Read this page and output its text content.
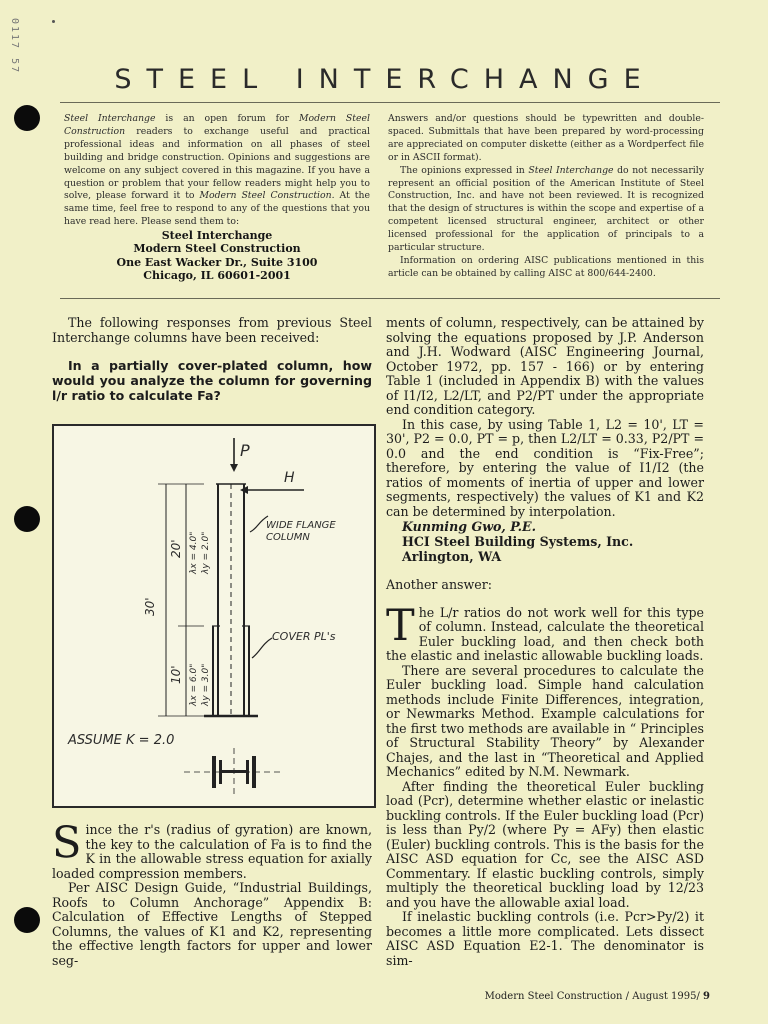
0117 57
STEEL INTERCHANGE

Steel Interchange is an open forum for Modern Steel Construction readers to exchange useful and practical professional ideas and information on all phases of steel building and bridge construction. Opinions and suggestions are welcome on any subject covered in this magazine. If you have a question or problem that your fellow readers might help you to solve, please forward it to Modern Steel Construction. At the same time, feel free to respond to any of the questions that you have read here. Please send them to:

Steel Interchange
Modern Steel Construction
One East Wacker Dr., Suite 3100
Chicago, IL 60601-2001

Answers and/or questions should be typewritten and double-spaced. Submittals that have been prepared by word-processing are appreciated on computer diskette (either as a Wordperfect file or in ASCII format).

The opinions expressed in Steel Interchange do not necessarily represent an official position of the American Institute of Steel Construction, Inc. and have not been reviewed. It is recognized that the design of structures is within the scope and expertise of a competent licensed structural engineer, architect or other licensed professional for the application of principals to a particular structure.

Information on ordering AISC publications mentioned in this article can be obtained by calling AISC at 800/644-2400.

The following responses from previous Steel Interchange columns have been received:

In a partially cover-plated column, how would you analyze the column for governing l/r ratio to calculate Fa?

P
H
WIDE FLANGE
COLUMN
COVER PL's
30'
20'
10'
λx = 4.0" λy = 2.0"
λx = 6.0" λy = 3.0"
ASSUME K = 2.0

Since the r's (radius of gyration) are known, the key to the calculation of Fa is to find the K in the allowable stress equation for axially loaded compression members.

Per AISC Design Guide, “Industrial Buildings, Roofs to Column Anchorage” Appendix B: Calculation of Effective Lengths of Stepped Columns, the values of K1 and K2, representing the effective length factors for upper and lower seg-

ments of column, respectively, can be attained by solving the equations proposed by J.P. Anderson and J.H. Wodward (AISC Engineering Journal, October 1972, pp. 157 - 166) or by entering Table 1 (included in Appendix B) with the values of I1/I2, L2/LT, and P2/PT under the appropriate end condition category.

In this case, by using Table 1, L2 = 10', LT = 30', P2 = 0.0, PT = p, then L2/LT = 0.33, P2/PT = 0.0 and the end condition is “Fix-Free”; therefore, by entering the value of I1/I2 (the ratios of moments of inertia of upper and lower segments, respectively) the values of K1 and K2 can be determined by interpolation.

Kunming Gwo, P.E.

HCI Steel Building Systems, Inc.

Arlington, WA

Another answer:

The L/r ratios do not work well for this type of column. Instead, calculate the theoretical Euler buckling load, and then check both the elastic and inelastic allowable buckling loads.

There are several procedures to calculate the Euler buckling load. Simple hand calculation methods include Finite Differences, integration, or Newmarks Method. Example calculations for the first two methods are available in “ Principles of Structural Stability Theory” by Alexander Chajes, and the last in “Theoretical and Applied Mechanics” edited by N.M. Newmark.

After finding the theoretical Euler buckling load (Pcr), determine whether elastic or inelastic buckling controls. If the Euler buckling load (Pcr) is less than Py/2 (where Py = AFy) then elastic (Euler) buckling controls. This is the basis for the AISC ASD equation for Cc, see the AISC ASD Commentary. If elastic buckling controls, simply multiply the theoretical buckling load by 12/23 and you have the allowable axial load.

If inelastic buckling controls (i.e. Pcr>Py/2) it becomes a little more complicated. Lets dissect AISC ASD Equation E2-1. The denominator is sim-

Modern Steel Construction / August 1995/ 9
